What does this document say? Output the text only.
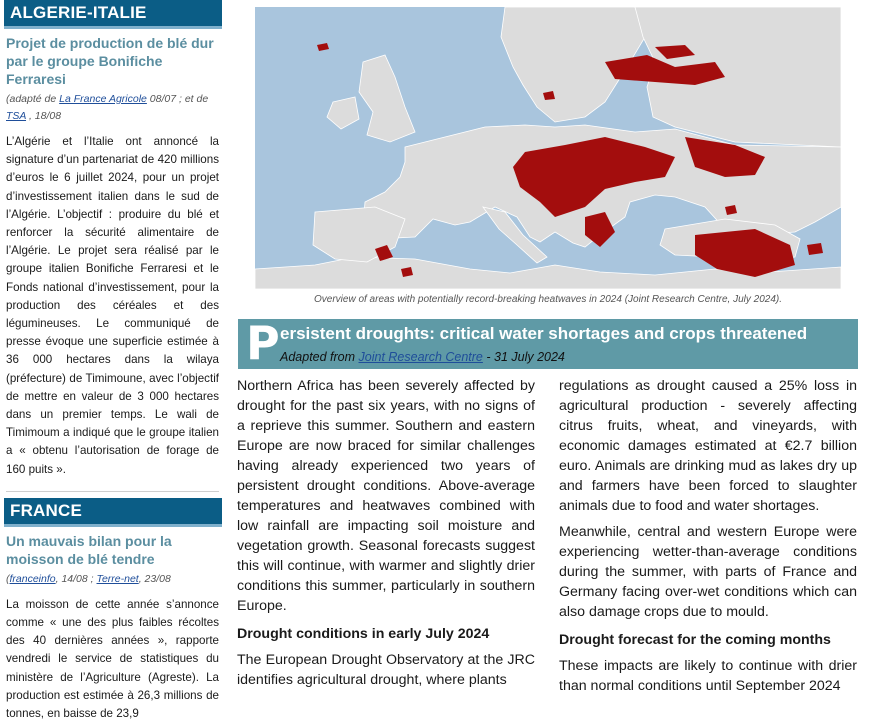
ALGERIE-ITALIE
Projet de production de blé dur par le groupe Bonifiche Ferraresi
(adapté de La France Agricole 08/07 ; et de TSA , 18/08
L’Algérie et l’Italie ont annoncé la signature d’un partenariat de 420 millions d’euros le 6 juillet 2024, pour un projet d’investissement italien dans le sud de l’Algérie. L’objectif : produire du blé et renforcer la sécurité alimentaire de l’Algérie. Le projet sera réalisé par le groupe italien Bonifiche Ferraresi et le Fonds national d’investissement, pour la production des céréales et des légumineuses. Le communiqué de presse évoque une superficie estimée à 36 000 hectares dans la wilaya (préfecture) de Timimoune, avec l’objectif de mettre en valeur de 3 000 hectares dans un premier temps. Le wali de Timimoum a indiqué que le groupe italien a « obtenu l’autorisation de forage de 160 puits ».
FRANCE
Un mauvais bilan pour la moisson de blé tendre
(franceinfo, 14/08 ; Terre-net, 23/08
La moisson de cette année s’annonce comme « une des plus faibles récoltes des 40 dernières années », rapporte vendredi le service de statistiques du ministère de l’Agriculture (Agreste). La production est estimée à 26,3 millions de tonnes, en baisse de 23,9
Overview of areas with potentially record-breaking heatwaves in 2024 (Joint Research Centre, July 2024).
P ersistent droughts: critical water shortages and crops threatened
Adapted from Joint Research Centre - 31 July 2024

Northern Africa has been severely affected by drought for the past six years, with no signs of a reprieve this summer. Southern and eastern Europe are now braced for similar challenges having already experienced two years of persistent drought conditions. Above-average temperatures and heatwaves combined with low rainfall are impacting soil moisture and vegetation growth. Seasonal forecasts suggest this will continue, with warmer and slightly drier conditions this summer, particularly in southern Europe.

Drought conditions in early July 2024

The European Drought Observatory at the JRC identifies agricultural drought, where plants

regulations as drought caused a 25% loss in agricultural production - severely affecting citrus fruits, wheat, and vineyards, with economic damages estimated at €2.7 billion euro. Animals are drinking mud as lakes dry up and farmers have been forced to slaughter animals due to food and water shortages.

Meanwhile, central and western Europe were experiencing wetter-than-average conditions during the summer, with parts of France and Germany facing over-wet conditions which can also damage crops due to mould.

Drought forecast for the coming months

These impacts are likely to continue with drier than normal conditions until September 2024
